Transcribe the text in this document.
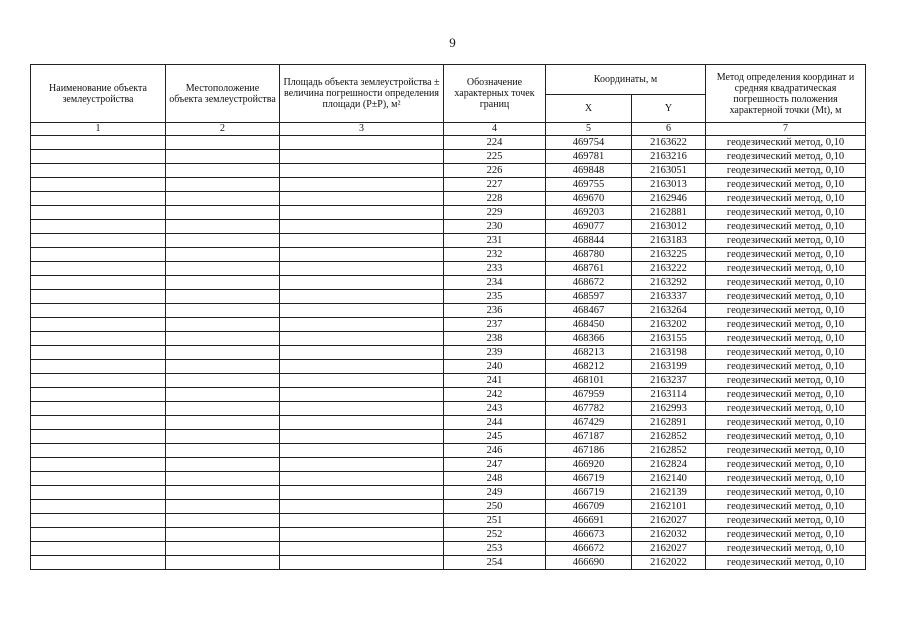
9
Наименование объекта землеустройства	Местоположение объекта землеустройства	Площадь объекта землеустройства ± величина погрешности определения площади (Р±Р), м²	Обозначение характерных точек границ	Координаты, м		Метод определения координат и средняя квадратическая погрешность положения характерной точки (Mt), м
				X	Y	
1	2	3	4	5	6	7
			224	469754	2163622	геодезический метод, 0,10
			225	469781	2163216	геодезический метод, 0,10
			226	469848	2163051	геодезический метод, 0,10
			227	469755	2163013	геодезический метод, 0,10
			228	469670	2162946	геодезический метод, 0,10
			229	469203	2162881	геодезический метод, 0,10
			230	469077	2163012	геодезический метод, 0,10
			231	468844	2163183	геодезический метод, 0,10
			232	468780	2163225	геодезический метод, 0,10
			233	468761	2163222	геодезический метод, 0,10
			234	468672	2163292	геодезический метод, 0,10
			235	468597	2163337	геодезический метод, 0,10
			236	468467	2163264	геодезический метод, 0,10
			237	468450	2163202	геодезический метод, 0,10
			238	468366	2163155	геодезический метод, 0,10
			239	468213	2163198	геодезический метод, 0,10
			240	468212	2163199	геодезический метод, 0,10
			241	468101	2163237	геодезический метод, 0,10
			242	467959	2163114	геодезический метод, 0,10
			243	467782	2162993	геодезический метод, 0,10
			244	467429	2162891	геодезический метод, 0,10
			245	467187	2162852	геодезический метод, 0,10
			246	467186	2162852	геодезический метод, 0,10
			247	466920	2162824	геодезический метод, 0,10
			248	466719	2162140	геодезический метод, 0,10
			249	466719	2162139	геодезический метод, 0,10
			250	466709	2162101	геодезический метод, 0,10
			251	466691	2162027	геодезический метод, 0,10
			252	466673	2162032	геодезический метод, 0,10
			253	466672	2162027	геодезический метод, 0,10
			254	466690	2162022	геодезический метод, 0,10
